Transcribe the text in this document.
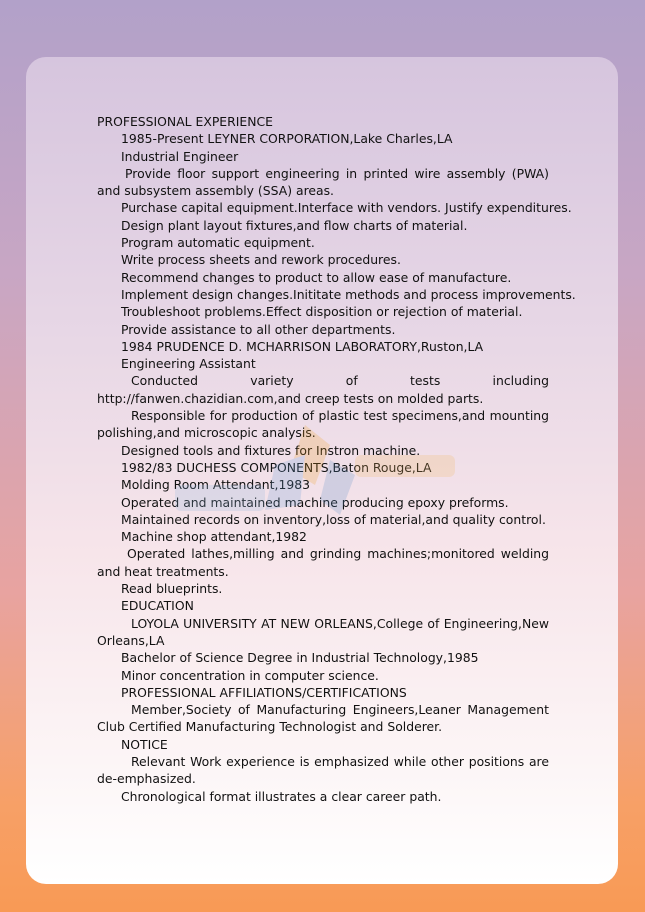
PROFESSIONAL EXPERIENCE

1985-Present LEYNER CORPORATION,Lake Charles,LA

Industrial Engineer

Provide floor support engineering in printed wire assembly (PWA) and subsystem assembly (SSA) areas.

Purchase capital equipment.Interface with vendors. Justify expenditures.

Design plant layout fixtures,and flow charts of material.

Program automatic equipment.

Write process sheets and rework procedures.

Recommend changes to product to allow ease of manufacture.

Implement design changes.Inititate methods and process improvements.

Troubleshoot problems.Effect disposition or rejection of material.

Provide assistance to all other departments.

1984 PRUDENCE D. MCHARRISON LABORATORY,Ruston,LA

Engineering Assistant

Conducted variety of tests including http://fanwen.chazidian.com,and creep tests on molded parts.

Responsible for production of plastic test specimens,and mounting polishing,and microscopic analysis.

Designed tools and fixtures for Instron machine.

1982/83 DUCHESS COMPONENTS,Baton Rouge,LA

Molding Room Attendant,1983

Operated and maintained machine producing epoxy preforms.

Maintained records on inventory,loss of material,and quality control.

Machine shop attendant,1982

Operated lathes,milling and grinding machines;monitored welding and heat treatments.

Read blueprints.

EDUCATION

LOYOLA UNIVERSITY AT NEW ORLEANS,College of Engineering,New Orleans,LA

Bachelor of Science Degree in Industrial Technology,1985

Minor concentration in computer science.

PROFESSIONAL AFFILIATIONS/CERTIFICATIONS

Member,Society of Manufacturing Engineers,Leaner Management Club Certified Manufacturing Technologist and Solderer.

NOTICE

Relevant Work experience is emphasized while other positions are de-emphasized.

Chronological format illustrates a clear career path.
